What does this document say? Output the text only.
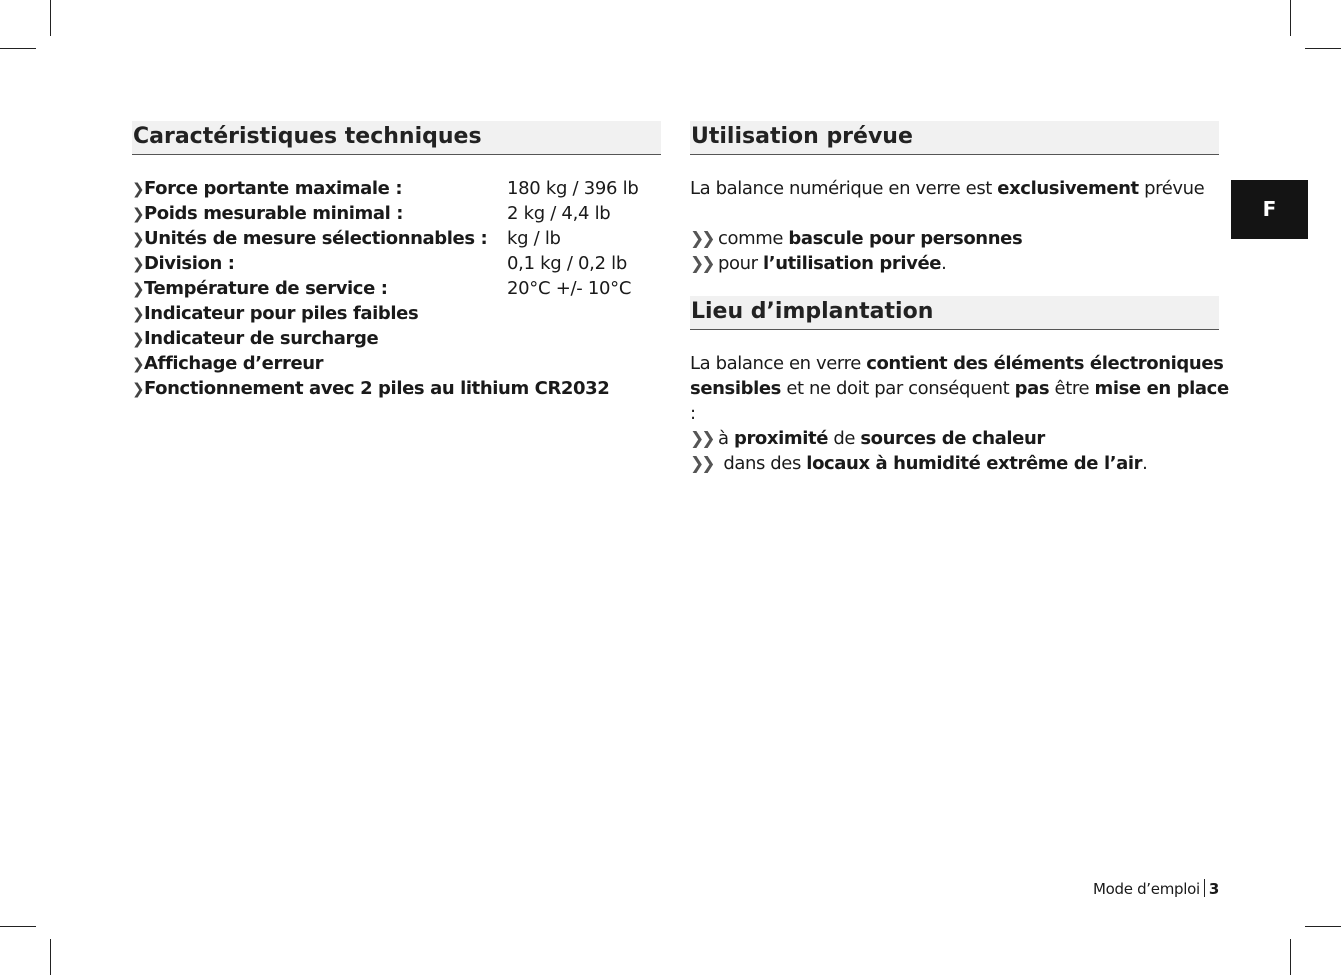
Caractéristiques techniques
❯Force portante maximale :	180 kg / 396 lb
❯Poids mesurable minimal :	2 kg / 4,4 lb
❯Unités de mesure sélectionnables : kg / lb
❯Division :	0,1 kg / 0,2 lb
❯Température de service :	20°C +/- 10°C
❯Indicateur pour piles faibles
❯Indicateur de surcharge
❯Affichage d’erreur
❯Fonctionnement avec 2 piles au lithium CR2032
Utilisation prévue

La balance numérique en verre est exclusivement prévue

❯❯ comme bascule pour personnes
❯❯ pour l’utilisation privée.
Lieu d’implantation

La balance en verre contient des éléments électroniques sensibles et ne doit par conséquent pas être mise en place :

❯❯ à proximité de sources de chaleur
❯❯ dans des locaux à humidité extrême de l’air.
F
Mode d’emploi 3
